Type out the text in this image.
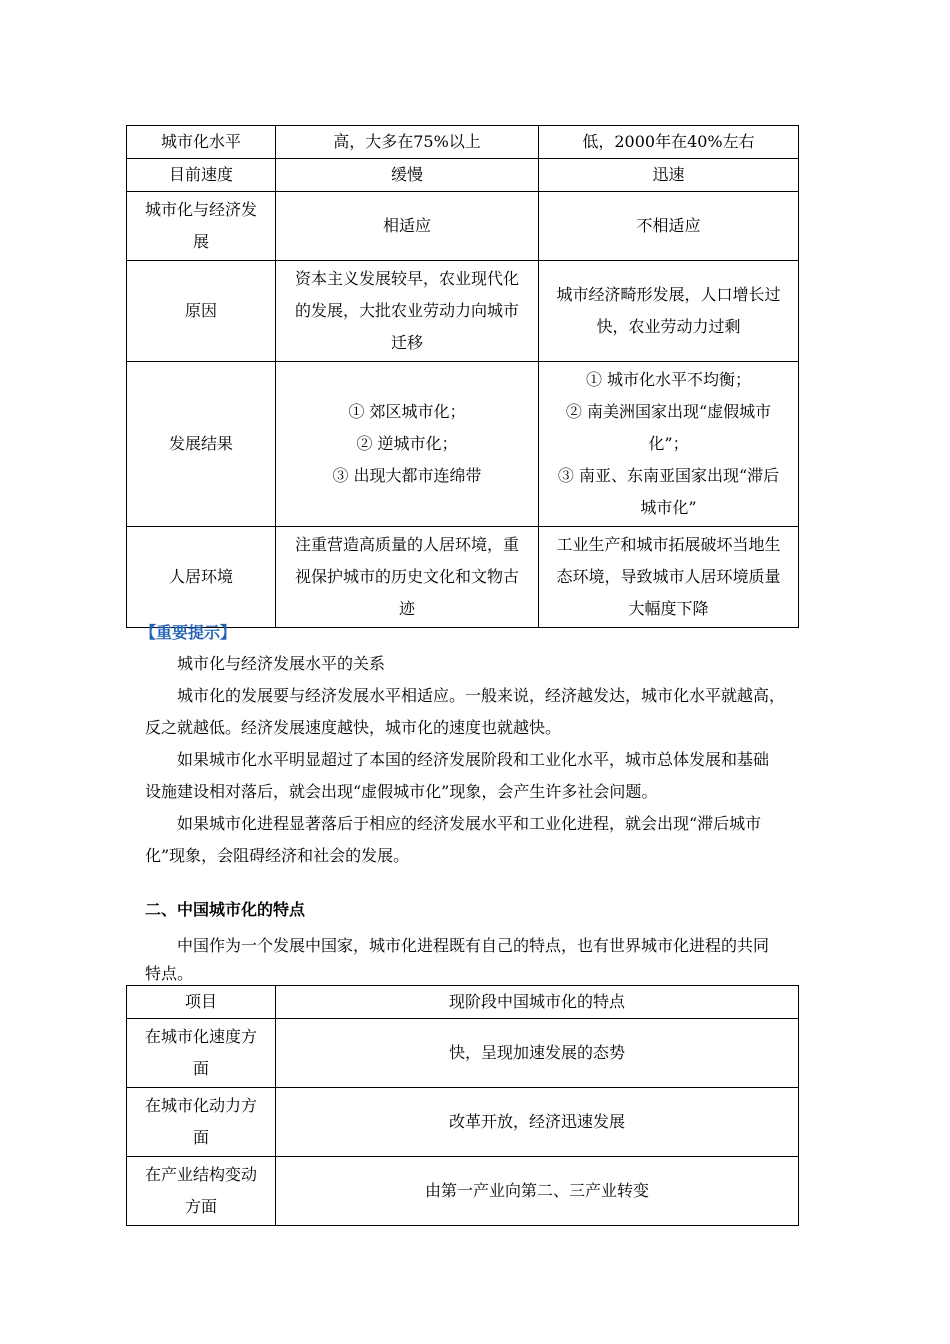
城市化水平	高，大多在75%以上	低，2000年在40%左右

目前速度	缓慢	迅速

城市化与经济发
展	相适应	不相适应

原因	资本主义发展较早，农业现代化
的发展，大批农业劳动力向城市
迁移	城市经济畸形发展，人口增长过
快，农业劳动力过剩

发展结果	① 郊区城市化；
② 逆城市化；
③ 出现大都市连绵带	① 城市化水平不均衡；
② 南美洲国家出现“虚假城市
化”；
③ 南亚、东南亚国家出现“滞后
城市化”

人居环境	注重营造高质量的人居环境，重
视保护城市的历史文化和文物古
迹	工业生产和城市拓展破坏当地生
态环境，导致城市人居环境质量
大幅度下降
【重要提示】
城市化与经济发展水平的关系
城市化的发展要与经济发展水平相适应。一般来说，经济越发达，城市化水平就越高，
反之就越低。经济发展速度越快，城市化的速度也就越快。
如果城市化水平明显超过了本国的经济发展阶段和工业化水平，城市总体发展和基础
设施建设相对落后，就会出现“虚假城市化”现象，会产生许多社会问题。
如果城市化进程显著落后于相应的经济发展水平和工业化进程，就会出现“滞后城市
化”现象，会阻碍经济和社会的发展。
二、中国城市化的特点
中国作为一个发展中国家，城市化进程既有自己的特点，也有世界城市化进程的共同
特点。
项目	现阶段中国城市化的特点

在城市化速度方
面	快，呈现加速发展的态势

在城市化动力方
面	改革开放，经济迅速发展

在产业结构变动
方面	由第一产业向第二、三产业转变
